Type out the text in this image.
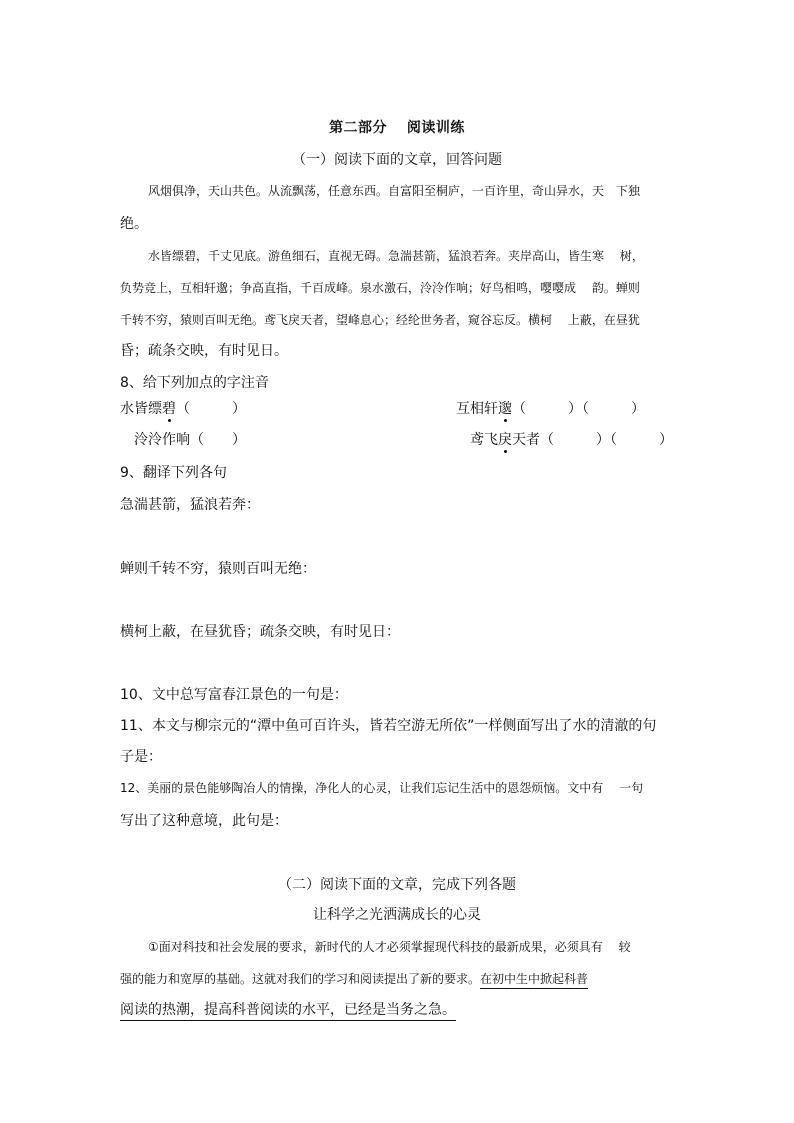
第二部分　 阅读训练
（一）阅读下面的文章，回答问题
风烟俱净，天山共色。从流飘荡，任意东西。自富阳至桐庐，一百许里，奇山异水，天　下独
绝。
水皆缥碧，千丈见底。游鱼细石，直视无碍。急湍甚箭，猛浪若奔。夹岸高山，皆生寒　 树，
负势竞上，互相轩邈；争高直指，千百成峰。泉水激石，泠泠作响；好鸟相鸣，嘤嘤成　 韵。蝉则
千转不穷，猿则百叫无绝。鸢飞戾天者，望峰息心；经纶世务者，窥谷忘反。横柯　 上蔽，在昼犹
昏；疏条交映，有时见日。
8、给下列加点的字注音
水皆缥碧（　　　）	互相轩邈（　　　）（　　　）
泠泠作响（　　）	鸢飞戾天者（　　　）（　　　）
9、翻译下列各句
急湍甚箭，猛浪若奔：
蝉则千转不穷，猿则百叫无绝：
横柯上蔽，在昼犹昏；疏条交映，有时见日：
10、文中总写富春江景色的一句是：
11、本文与柳宗元的“潭中鱼可百许头，皆若空游无所依”一样侧面写出了水的清澈的句
子是：
12、美丽的景色能够陶冶人的情操，净化人的心灵，让我们忘记生活中的恩怨烦恼。文中有　 一句
写出了这种意境，此句是：
（二）阅读下面的文章，完成下列各题
让科学之光洒满成长的心灵
①面对科技和社会发展的要求，新时代的人才必须掌握现代科技的最新成果，必须具有　 较
强的能力和宽厚的基础。这就对我们的学习和阅读提出了新的要求。在初中生中掀起科普
阅读的热潮，提高科普阅读的水平，已经是当务之急。
